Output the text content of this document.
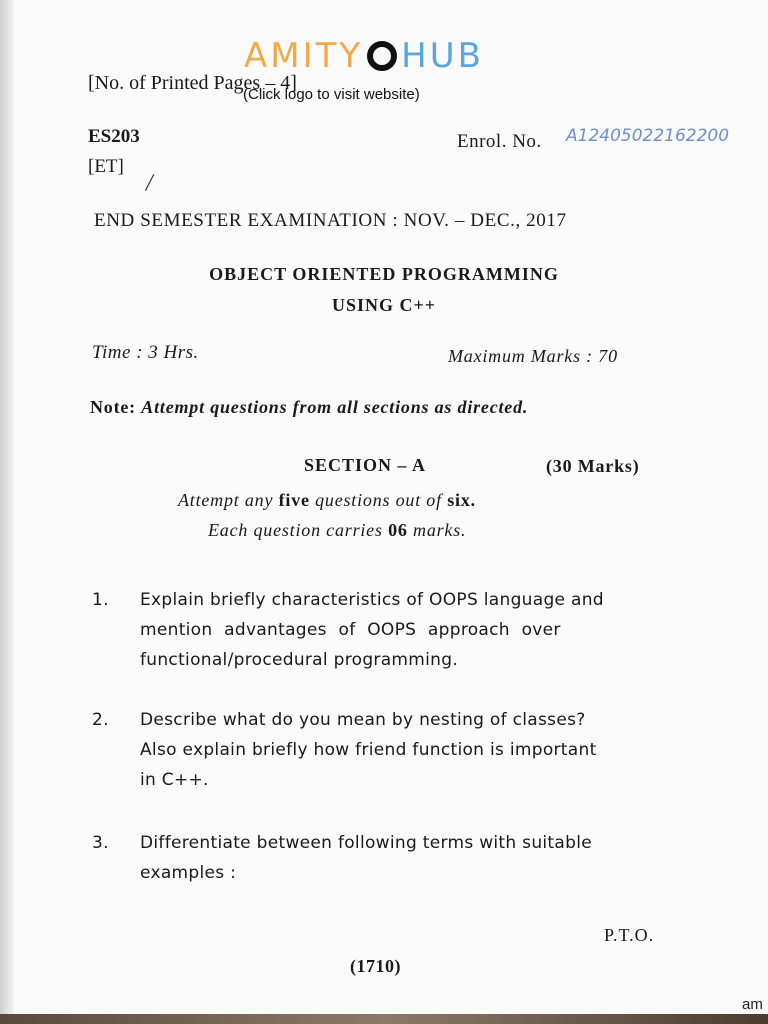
AMITY HUB
(Click logo to visit website)
[No. of Printed Pages – 4]
ES203
[ET]
/
Enrol. No. A12405022162200
END SEMESTER EXAMINATION : NOV. – DEC., 2017
OBJECT ORIENTED PROGRAMMING
USING C++
Time : 3 Hrs.	Maximum Marks : 70
Note: Attempt questions from all sections as directed.
SECTION – A	(30 Marks)
Attempt any five questions out of six.
Each question carries 06 marks.
1. Explain briefly characteristics of OOPS language and
mention advantages of OOPS approach over
functional/procedural programming.
2. Describe what do you mean by nesting of classes?
Also explain briefly how friend function is important
in C++.
3. Differentiate between following terms with suitable
examples :
P.T.O.
(1710)
am
